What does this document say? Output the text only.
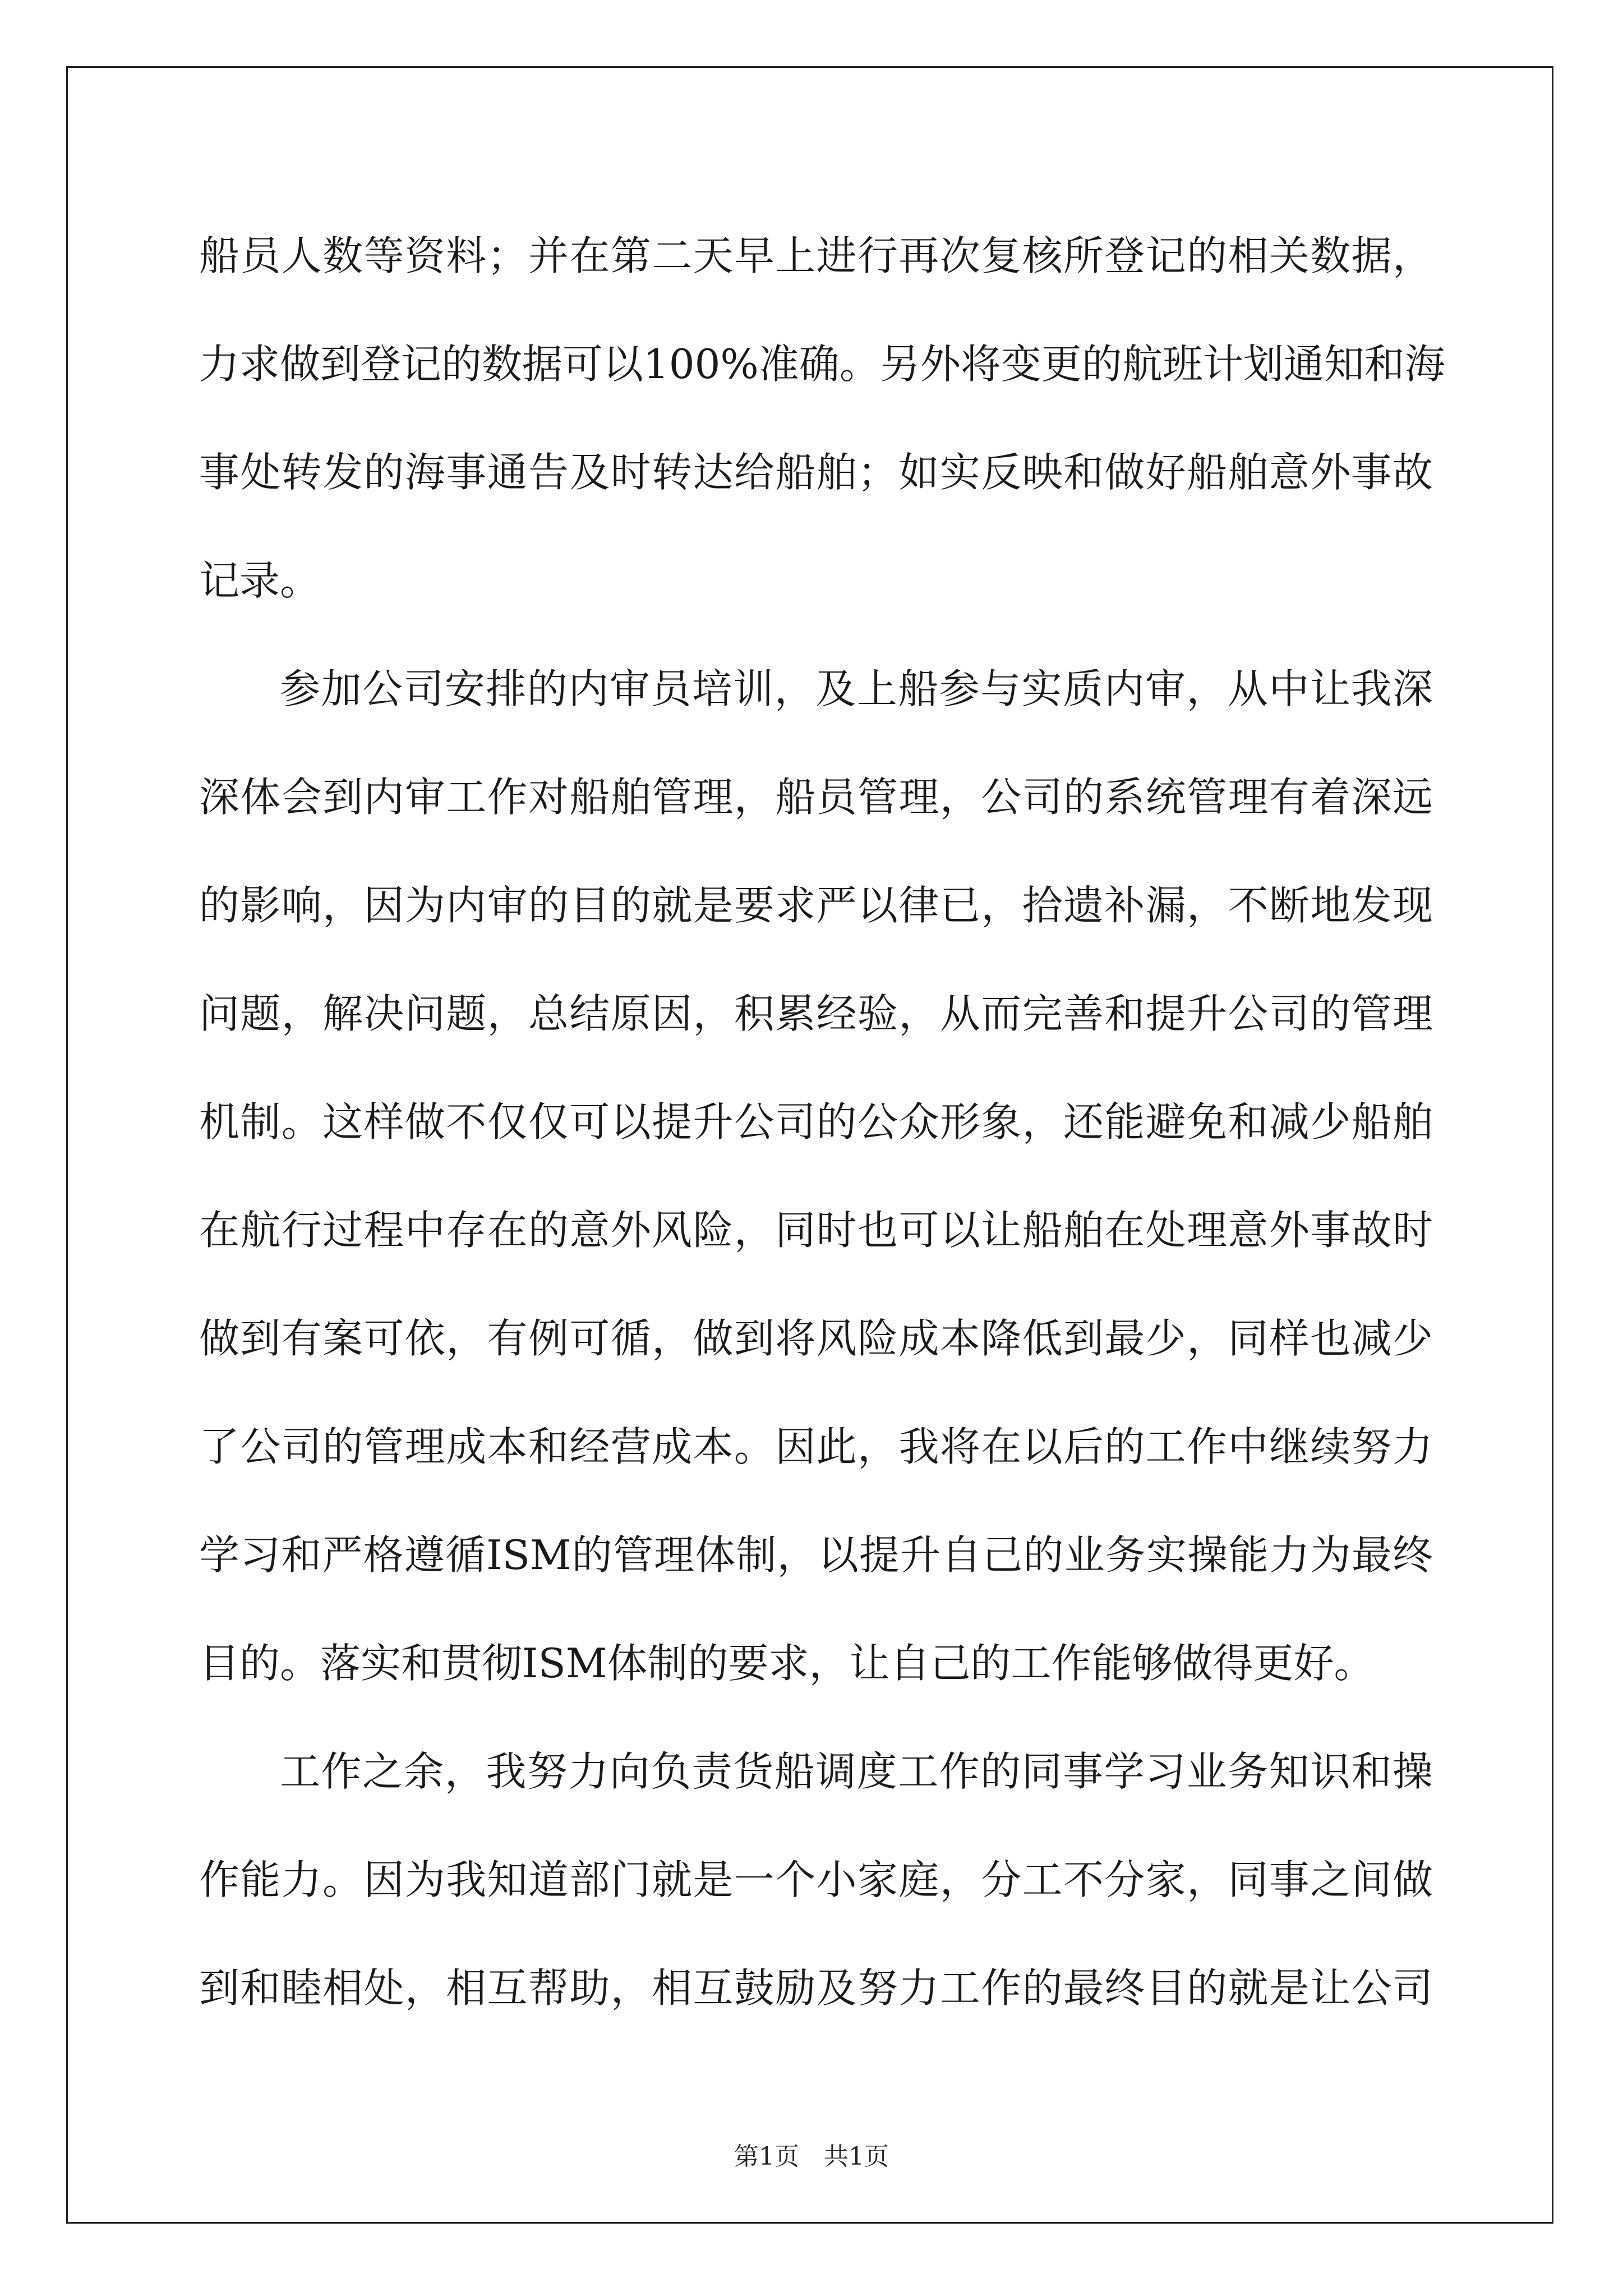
船员人数等资料；并在第二天早上进行再次复核所登记的相关数据，
力求做到登记的数据可以100%准确。另外将变更的航班计划通知和海
事处转发的海事通告及时转达给船舶；如实反映和做好船舶意外事故
记录。
参加公司安排的内审员培训，及上船参与实质内审，从中让我深
深体会到内审工作对船舶管理，船员管理，公司的系统管理有着深远
的影响，因为内审的目的就是要求严以律已，拾遗补漏，不断地发现
问题，解决问题，总结原因，积累经验，从而完善和提升公司的管理
机制。这样做不仅仅可以提升公司的公众形象，还能避免和减少船舶
在航行过程中存在的意外风险，同时也可以让船舶在处理意外事故时
做到有案可依，有例可循，做到将风险成本降低到最少，同样也减少
了公司的管理成本和经营成本。因此，我将在以后的工作中继续努力
学习和严格遵循ISM的管理体制，以提升自己的业务实操能力为最终
目的。落实和贯彻ISM体制的要求，让自己的工作能够做得更好。
工作之余，我努力向负责货船调度工作的同事学习业务知识和操
作能力。因为我知道部门就是一个小家庭，分工不分家，同事之间做
到和睦相处，相互帮助，相互鼓励及努力工作的最终目的就是让公司
第1页　共1页
